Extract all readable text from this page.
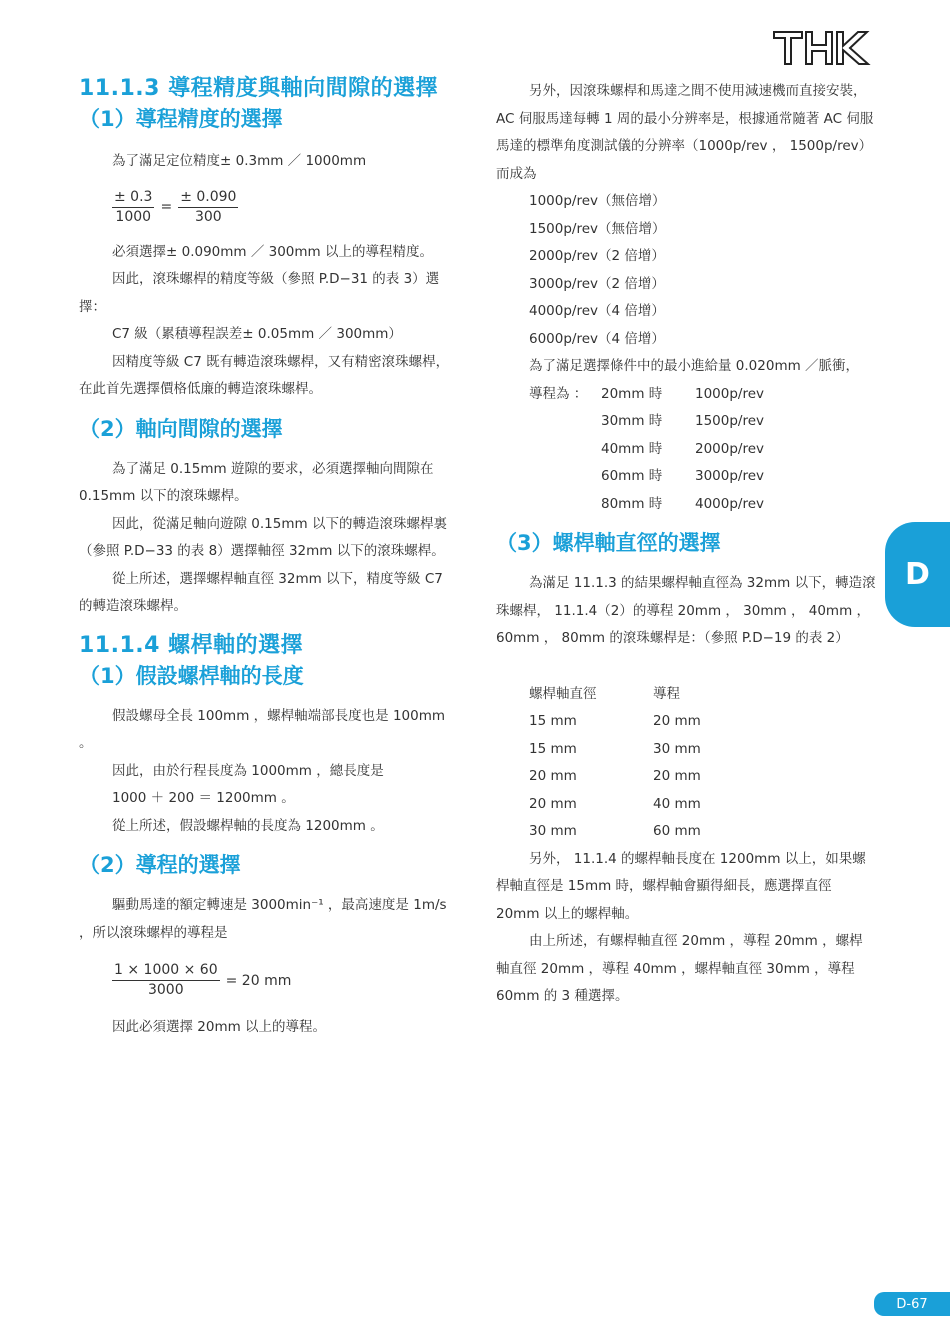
11.1.3 導程精度與軸向間隙的選擇
（1）導程精度的選擇

為了滿足定位精度± 0.3mm ／ 1000mm

$\frac{\pm 0.3}{1000} = \frac{\pm 0.090}{300}$

必須選擇± 0.090mm ／ 300mm 以上的導程精度。

因此，滾珠螺桿的精度等級（參照 P.D−31 的表 3）選擇：

C7 級（累積導程誤差± 0.05mm ／ 300mm）

因精度等級 C7 既有轉造滾珠螺桿，又有精密滾珠螺桿，在此首先選擇價格低廉的轉造滾珠螺桿。

（2）軸向間隙的選擇

為了滿足 0.15mm 遊隙的要求，必須選擇軸向間隙在 0.15mm 以下的滾珠螺桿。

因此，從滿足軸向遊隙 0.15mm 以下的轉造滾珠螺桿裏（參照 P.D−33 的表 8）選擇軸徑 32mm 以下的滾珠螺桿。

從上所述，選擇螺桿軸直徑 32mm 以下，精度等級 C7 的轉造滾珠螺桿。

11.1.4 螺桿軸的選擇
（1）假設螺桿軸的長度

假設螺母全長 100mm ，螺桿軸端部長度也是 100mm 。

因此，由於行程長度為 1000mm ，總長度是

1000 ＋ 200 ＝ 1200mm 。

從上所述，假設螺桿軸的長度為 1200mm 。

（2）導程的選擇

驅動馬達的額定轉速是 3000min⁻¹ ，最高速度是 1m/s ，所以滾珠螺桿的導程是

$\frac{1 \times 1000 \times 60}{3000} = 20$ mm

因此必須選擇 20mm 以上的導程。

另外，因滾珠螺桿和馬達之間不使用減速機而直接安裝， AC 伺服馬達每轉 1 周的最小分辨率是，根據通常隨著 AC 伺服馬達的標準角度測試儀的分辨率（1000p/rev ， 1500p/rev）而成為

1000p/rev（無倍增）

1500p/rev（無倍增）

2000p/rev（2 倍增）

3000p/rev（2 倍增）

4000p/rev（4 倍增）

6000p/rev（4 倍增）

為了滿足選擇條件中的最小進給量 0.020mm ／脈衝，

導程為 ：	20mm 時	1000p/rev
30mm 時	1500p/rev
40mm 時	2000p/rev
60mm 時	3000p/rev
80mm 時	4000p/rev
（3）螺桿軸直徑的選擇

為滿足 11.1.3 的結果螺桿軸直徑為 32mm 以下，轉造滾珠螺桿， 11.1.4（2）的導程 20mm ， 30mm ， 40mm ， 60mm ， 80mm 的滾珠螺桿是：（參照 P.D−19 的表 2）

螺桿軸直徑	導程
15 mm	20 mm
15 mm	30 mm
20 mm	20 mm
20 mm	40 mm
30 mm	60 mm

另外， 11.1.4 的螺桿軸長度在 1200mm 以上，如果螺桿軸直徑是 15mm 時，螺桿軸會顯得細長，應選擇直徑 20mm 以上的螺桿軸。

由上所述，有螺桿軸直徑 20mm ，導程 20mm ，螺桿軸直徑 20mm ，導程 40mm ，螺桿軸直徑 30mm ，導程 60mm 的 3 種選擇。

D
D-67
